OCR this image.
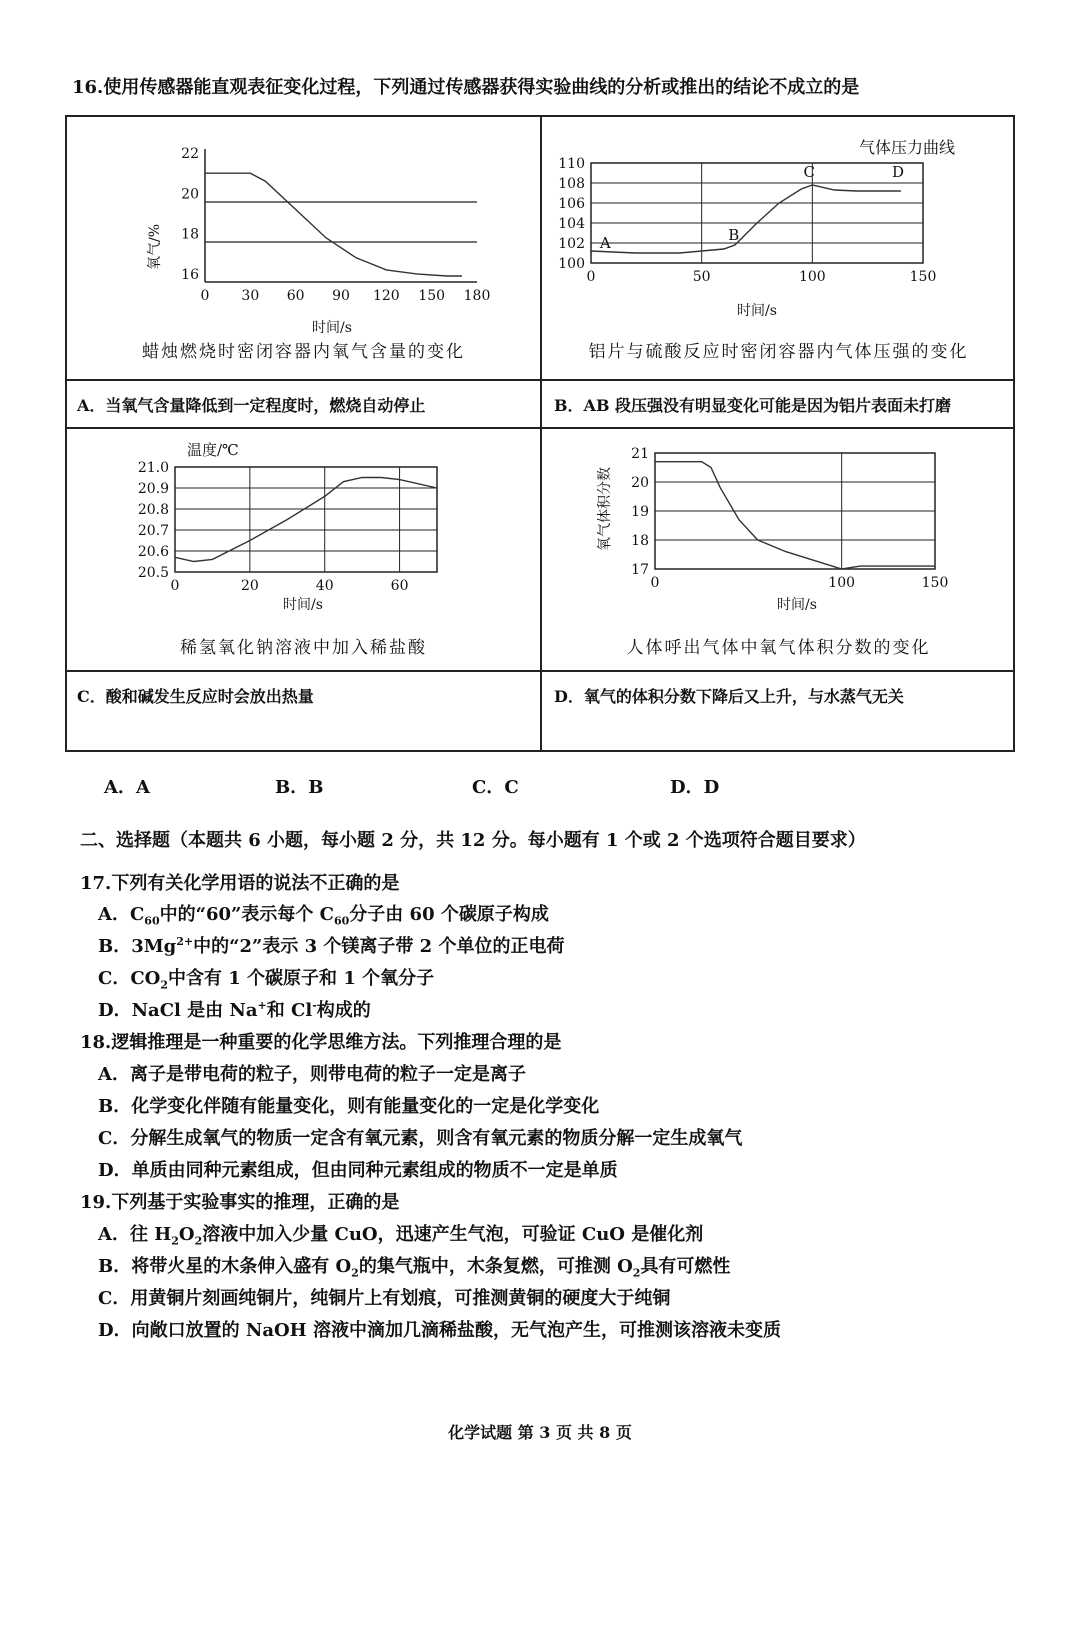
16.使用传感器能直观表征变化过程，下列通过传感器获得实验曲线的分析或推出的结论不成立的是
氧气/%
16
18
20
22
0 30 60 90 120 150 180
时间/s
蜡烛燃烧时密闭容器内氧气含量的变化
A．当氧气含量降低到一定程度时，燃烧自动停止
气体压力曲线
100
102
104
106
108
110
0	50	100	150
A	B
C	D
时间/s
铝片与硫酸反应时密闭容器内气体压强的变化
B．AB 段压强没有明显变化可能是因为铝片表面未打磨
温度/℃
20.5
20.6
20.7
20.8
20.9
21.0
0	20	40	60
时间/s
稀氢氧化钠溶液中加入稀盐酸
C．酸和碱发生反应时会放出热量
氧气体积分数
17
18
19
20
21
0	100	150
时间/s
人体呼出气体中氧气体积分数的变化
D．氧气的体积分数下降后又上升，与水蒸气无关
A．A	B．B	C．C	D．D
二、选择题（本题共 6 小题，每小题 2 分，共 12 分。每小题有 1 个或 2 个选项符合题目要求）
17.下列有关化学用语的说法不正确的是
A．$C_{60}$中的“60”表示每个 $C_{60}$分子由 60 个碳原子构成
B．$3Mg^{2+}$中的“2”表示 3 个镁离子带 2 个单位的正电荷
C．$CO_2$中含有 1 个碳原子和 1 个氧分子
D．NaCl 是由 Na+和 Cl-构成的
18.逻辑推理是一种重要的化学思维方法。下列推理合理的是
A．离子是带电荷的粒子，则带电荷的粒子一定是离子
B．化学变化伴随有能量变化，则有能量变化的一定是化学变化
C．分解生成氧气的物质一定含有氧元素，则含有氧元素的物质分解一定生成氧气
D．单质由同种元素组成，但由同种元素组成的物质不一定是单质
19.下列基于实验事实的推理，正确的是
A．往 $H_2O_2$溶液中加入少量 CuO，迅速产生气泡，可验证 CuO 是催化剂
B．将带火星的木条伸入盛有 $O_2$的集气瓶中，木条复燃，可推测 $O_2$具有可燃性
C．用黄铜片刻画纯铜片，纯铜片上有划痕，可推测黄铜的硬度大于纯铜
D．向敞口放置的 NaOH 溶液中滴加几滴稀盐酸，无气泡产生，可推测该溶液未变质
化学试题 第 3 页 共 8 页
